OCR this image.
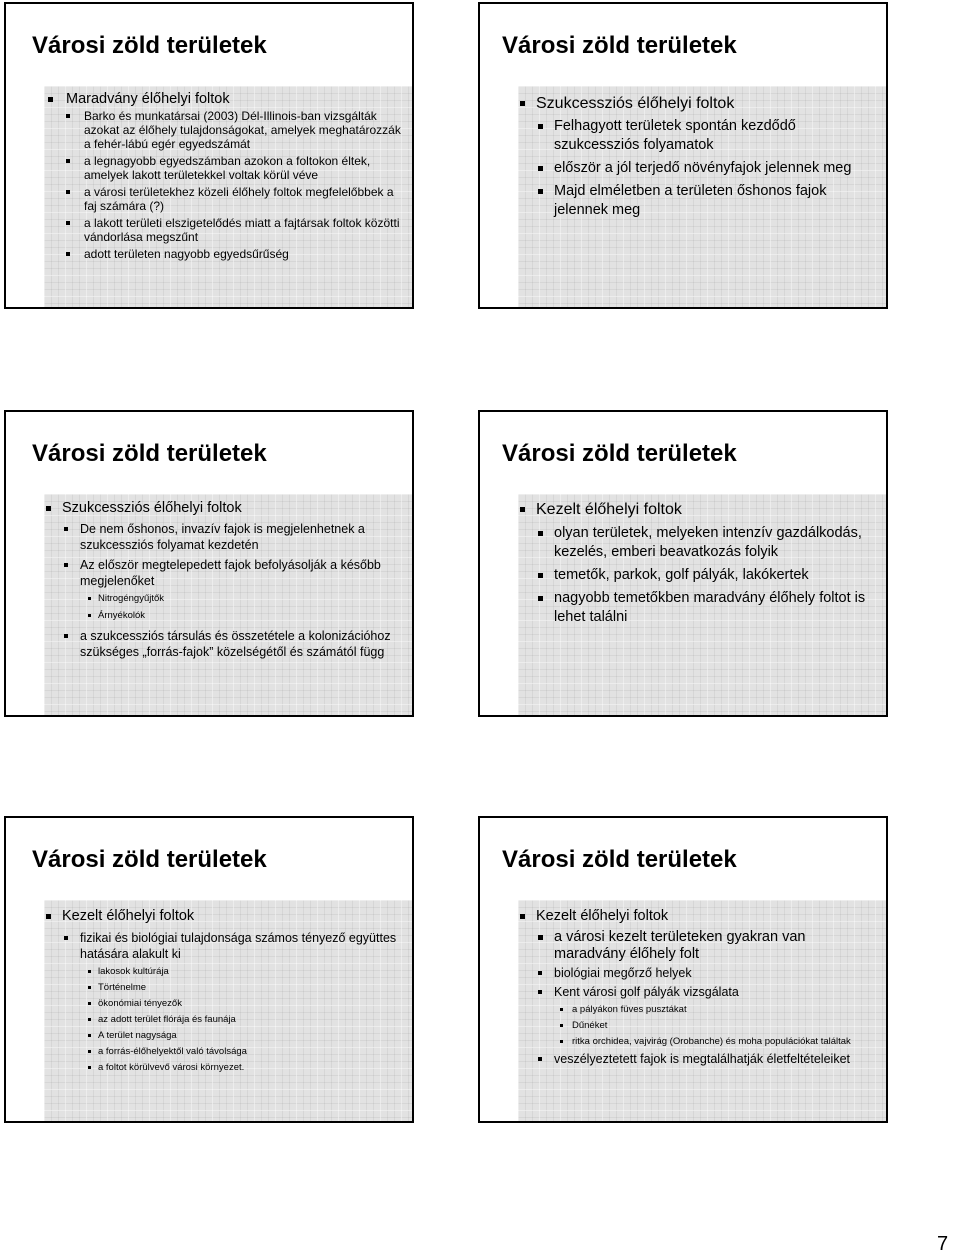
Városi zöld területek
Maradvány élőhelyi foltok
Barko és munkatársai (2003) Dél-Illinois-ban vizsgálták azokat az élőhely tulajdonságokat, amelyek meghatározzák a fehér-lábú egér egyedszámát
a legnagyobb egyedszámban azokon a foltokon éltek, amelyek lakott területekkel voltak körül véve
a városi területekhez közeli élőhely foltok megfelelőbbek a faj számára (?)
a lakott területi elszigetelődés miatt a fajtársak foltok közötti vándorlása megszűnt
adott területen nagyobb egyedsűrűség
Városi zöld területek
Szukcessziós élőhelyi foltok
Felhagyott területek spontán kezdődő szukcessziós folyamatok
először a jól terjedő növényfajok jelennek meg
Majd elméletben a területen őshonos fajok jelennek meg
Városi zöld területek
Szukcessziós élőhelyi foltok
De nem őshonos, invazív fajok is megjelenhetnek a szukcessziós folyamat kezdetén
Az először megtelepedett fajok befolyásolják a később megjelenőket
Nitrogéngyűjtők
Árnyékolók
a szukcessziós társulás és összetétele a kolonizációhoz szükséges „forrás-fajok” közelségétől és számától függ
Városi zöld területek
Kezelt élőhelyi foltok
olyan területek, melyeken intenzív gazdálkodás, kezelés, emberi beavatkozás folyik
temetők, parkok, golf pályák, lakókertek
nagyobb temetőkben maradvány élőhely foltot is lehet találni
Városi zöld területek
Kezelt élőhelyi foltok
fizikai és biológiai tulajdonsága számos tényező együttes hatására alakult ki
lakosok kultúrája
Történelme
ökonómiai tényezők
az adott terület flórája és faunája
A terület nagysága
a forrás-élőhelyektől való távolsága
a foltot körülvevő városi környezet.
Városi zöld területek
Kezelt élőhelyi foltok
a városi kezelt területeken gyakran van maradvány élőhely folt
biológiai megőrző helyek
Kent városi golf pályák vizsgálata
a pályákon füves pusztákat
Dűnéket
ritka orchidea, vajvirág (Orobanche) és moha populációkat találtak
veszélyeztetett fajok is megtalálhatják életfeltételeiket
7
